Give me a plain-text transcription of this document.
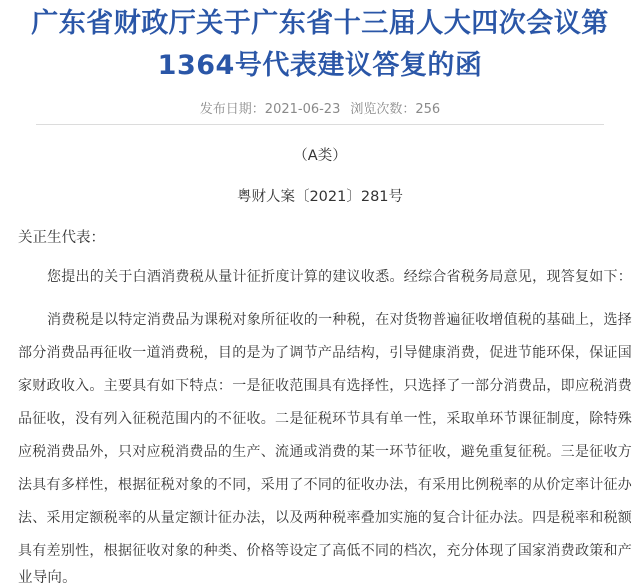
广东省财政厅关于广东省十三届人大四次会议第
1364号代表建议答复的函
发布日期：2021-06-23 浏览次数：256
（A类）
粤财人案〔2021〕281号
关正生代表：
您提出的关于白酒消费税从量计征折度计算的建议收悉。经综合省税务局意见，现答复如下：
消费税是以特定消费品为课税对象所征收的一种税，在对货物普遍征收增值税的基础上，选择
部分消费品再征收一道消费税，目的是为了调节产品结构，引导健康消费，促进节能环保，保证国
家财政收入。主要具有如下特点：一是征收范围具有选择性，只选择了一部分消费品，即应税消费
品征收，没有列入征税范围内的不征收。二是征税环节具有单一性，采取单环节课征制度，除特殊
应税消费品外，只对应税消费品的生产、流通或消费的某一环节征收，避免重复征税。三是征收方
法具有多样性，根据征税对象的不同，采用了不同的征收办法，有采用比例税率的从价定率计征办
法、采用定额税率的从量定额计征办法，以及两种税率叠加实施的复合计征办法。四是税率和税额
具有差别性，根据征收对象的种类、价格等设定了高低不同的档次，充分体现了国家消费政策和产
业导向。
